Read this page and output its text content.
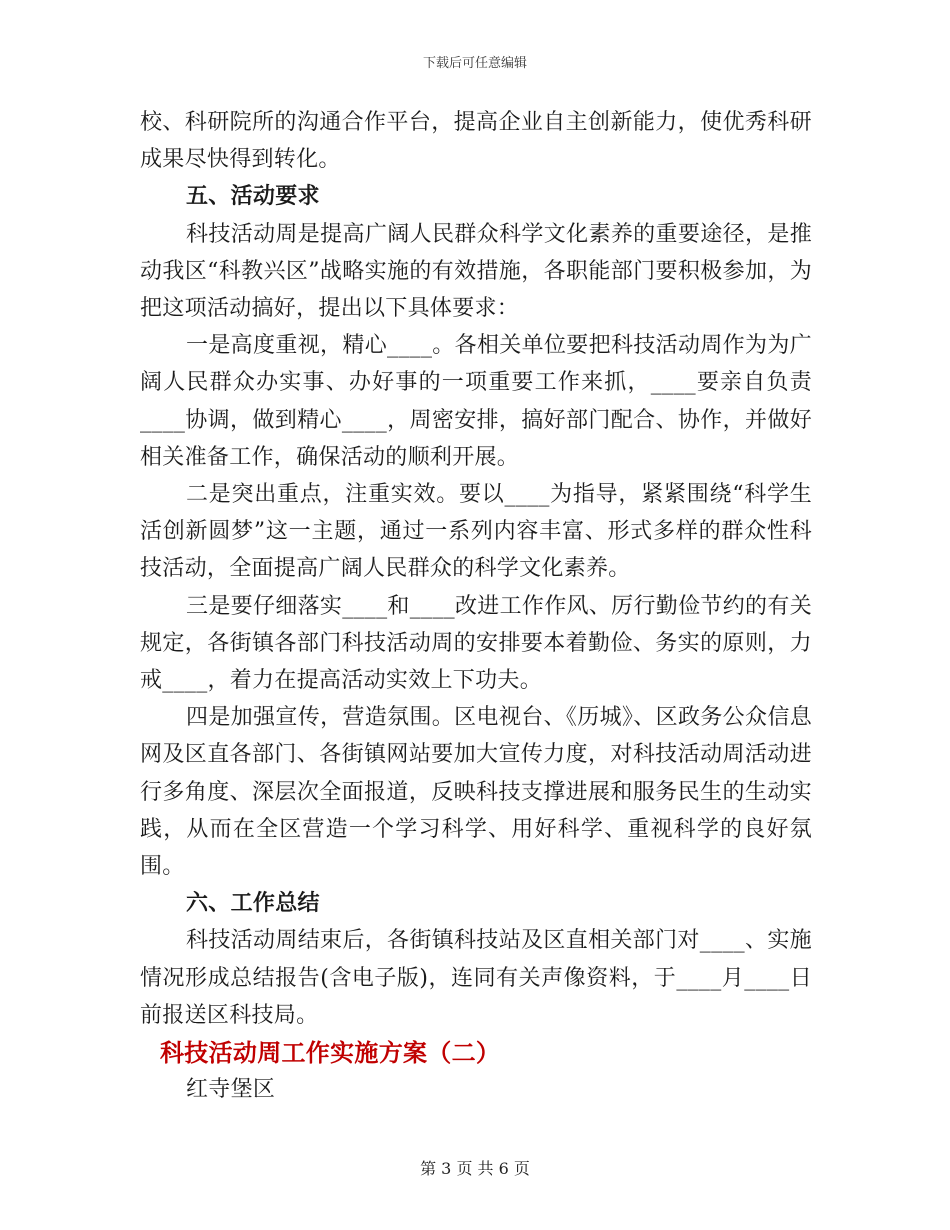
下载后可任意编辑

校、科研院所的沟通合作平台，提高企业自主创新能力，使优秀科研成果尽快得到转化。

五、活动要求

科技活动周是提高广阔人民群众科学文化素养的重要途径，是推动我区“科教兴区”战略实施的有效措施，各职能部门要积极参加，为把这项活动搞好，提出以下具体要求：

一是高度重视，精心____。各相关单位要把科技活动周作为为广阔人民群众办实事、办好事的一项重要工作来抓，____要亲自负责____协调，做到精心____，周密安排，搞好部门配合、协作，并做好相关准备工作，确保活动的顺利开展。

二是突出重点，注重实效。要以____为指导，紧紧围绕“科学生活创新圆梦”这一主题，通过一系列内容丰富、形式多样的群众性科技活动，全面提高广阔人民群众的科学文化素养。

三是要仔细落实____和____改进工作作风、厉行勤俭节约的有关规定，各街镇各部门科技活动周的安排要本着勤俭、务实的原则，力戒____，着力在提高活动实效上下功夫。

四是加强宣传，营造氛围。区电视台、《历城》、区政务公众信息网及区直各部门、各街镇网站要加大宣传力度，对科技活动周活动进行多角度、深层次全面报道，反映科技支撑进展和服务民生的生动实践，从而在全区营造一个学习科学、用好科学、重视科学的良好氛围。

六、工作总结

科技活动周结束后，各街镇科技站及区直相关部门对____、实施情况形成总结报告(含电子版)，连同有关声像资料，于____月____日前报送区科技局。

科技活动周工作实施方案（二）

红寺堡区

第 3 页 共 6 页
